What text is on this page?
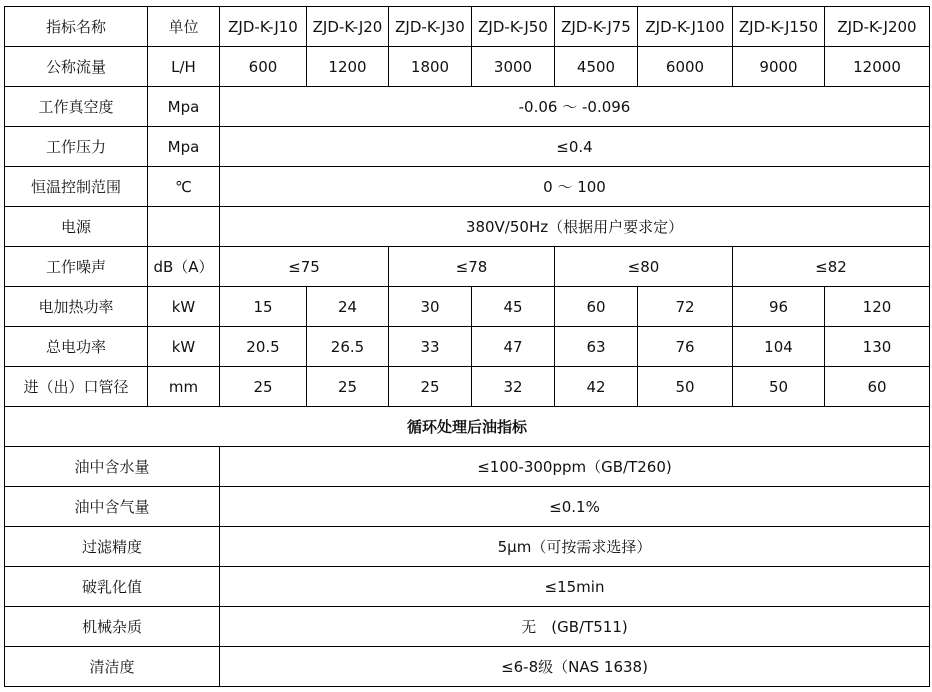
指标名称	单位	ZJD-K-J10	ZJD-K-J20	ZJD-K-J30	ZJD-K-J50	ZJD-K-J75	ZJD-K-J100	ZJD-K-J150	ZJD-K-J200
公称流量	L/H	600	1200	1800	3000	4500	6000	9000	12000
工作真空度	Mpa	-0.06 ～ -0.096							
工作压力	Mpa	≤0.4							
恒温控制范围	℃	0 ～ 100							
电源		380V/50Hz（根据用户要求定）							
工作噪声	dB（A）	≤75		≤78		≤80		≤82	
电加热功率	kW	15	24	30	45	60	72	96	120
总电功率	kW	20.5	26.5	33	47	63	76	104	130
进（出）口管径	mm	25	25	25	32	42	50	50	60
循环处理后油指标									
油中含水量		≤100-300ppm（GB/T260)							
油中含气量		≤0.1%							
过滤精度		5μm（可按需求选择）							
破乳化值		≤15min							
机械杂质		无　(GB/T511)							
清洁度		≤6-8级（NAS 1638)							
